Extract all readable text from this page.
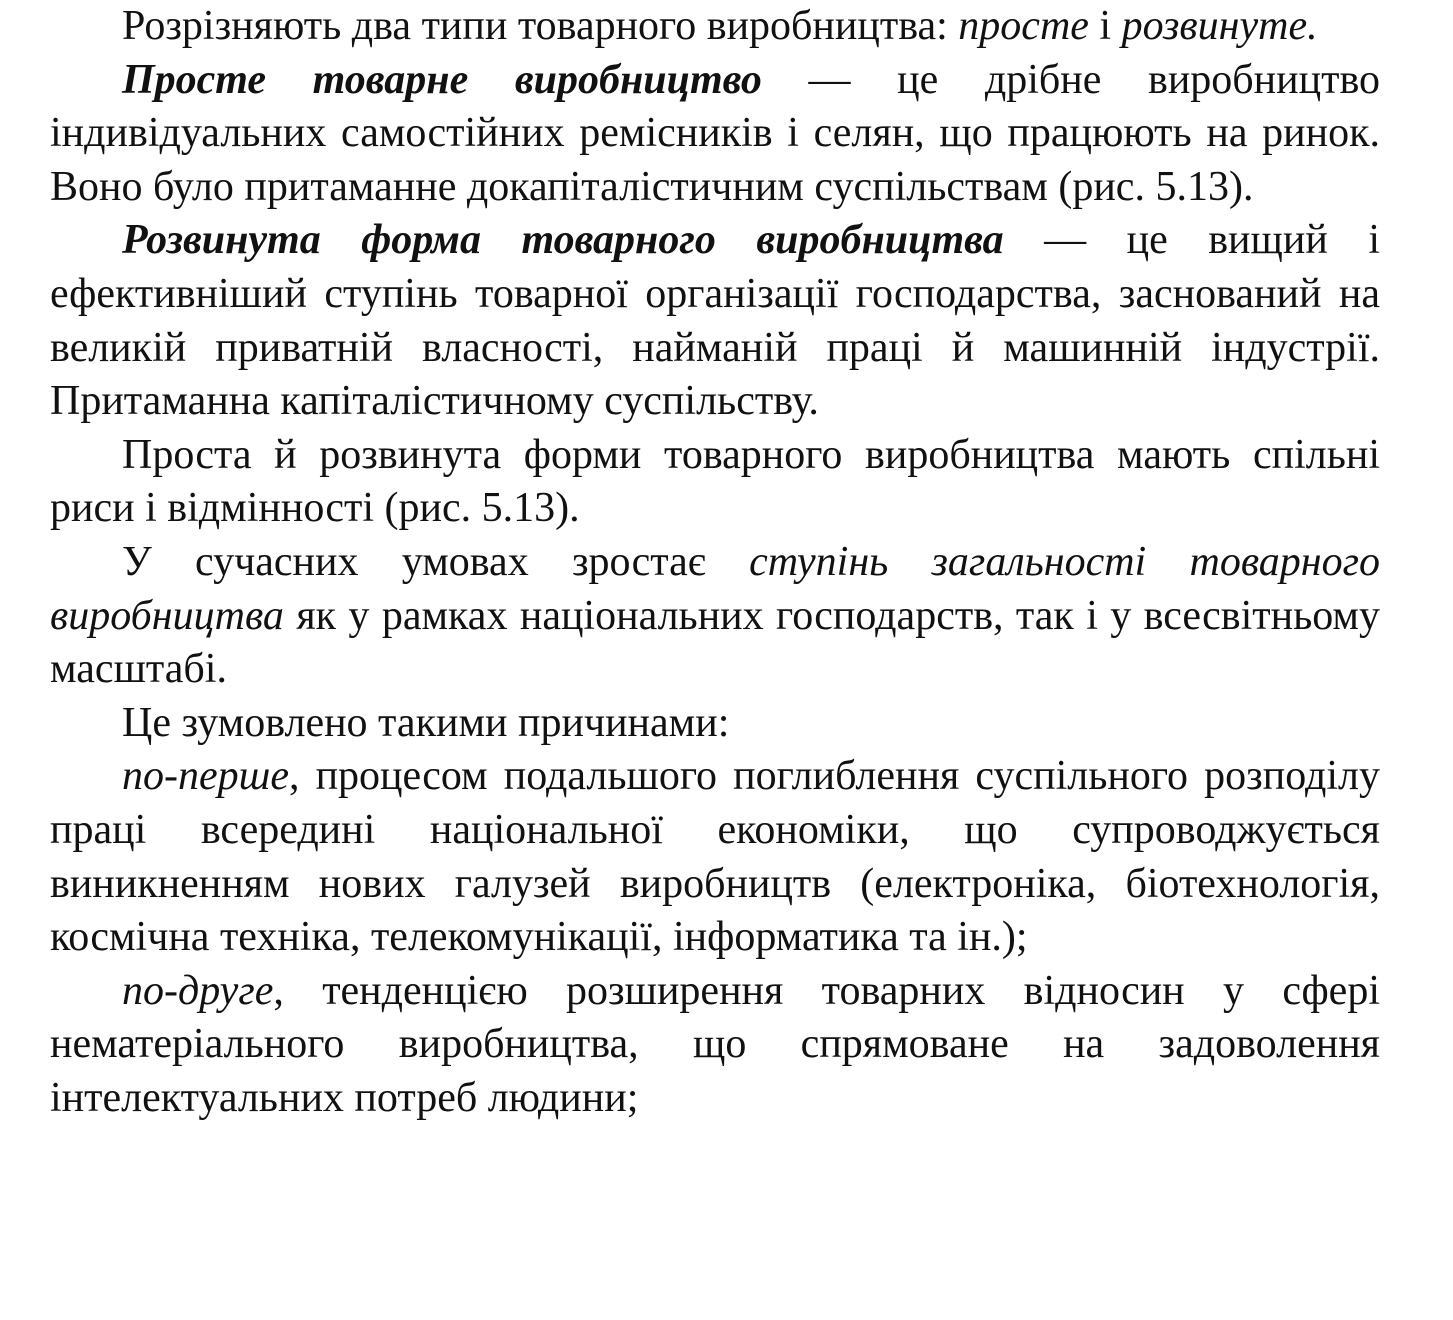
Розрізняють два типи товарного виробництва: просте і розвинуте.

Просте товарне виробництво — це дрібне виробництво індивідуальних самостійних ремісників і селян, що працюють на ринок. Воно було притаманне докапіталістичним суспільствам (рис. 5.13).

Розвинута форма товарного виробництва — це вищий і ефективніший ступінь товарної організації господарства, заснований на великій приватній власності, найманій праці й машинній індустрії. Притаманна капіталістичному суспільству.

Проста й розвинута форми товарного виробництва мають спільні риси і відмінності (рис. 5.13).

У сучасних умовах зростає ступінь загальності товарного виробництва як у рамках національних господарств, так і у всесвітньому масштабі.

Це зумовлено такими причинами:

по-перше, процесом подальшого поглиблення суспільного розподілу праці всередині національної економіки, що супроводжується виникненням нових галузей виробництв (електроніка, біотехнологія, космічна техніка, телекомунікації, інформатика та ін.);

по-друге, тенденцією розширення товарних відносин у сфері нематеріального виробництва, що спрямоване на задоволення інтелектуальних потреб людини;
